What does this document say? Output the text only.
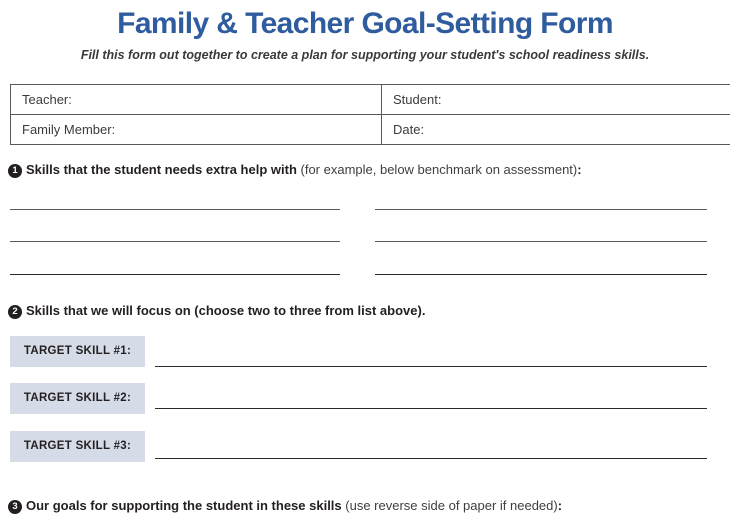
Family & Teacher Goal-Setting Form
Fill this form out together to create a plan for supporting your student's school readiness skills.
Teacher:	Student:
Family Member:	Date:
1 Skills that the student needs extra help with (for example, below benchmark on assessment):
2 Skills that we will focus on (choose two to three from list above).
TARGET SKILL #1:
TARGET SKILL #2:
TARGET SKILL #3:
3 Our goals for supporting the student in these skills (use reverse side of paper if needed):
